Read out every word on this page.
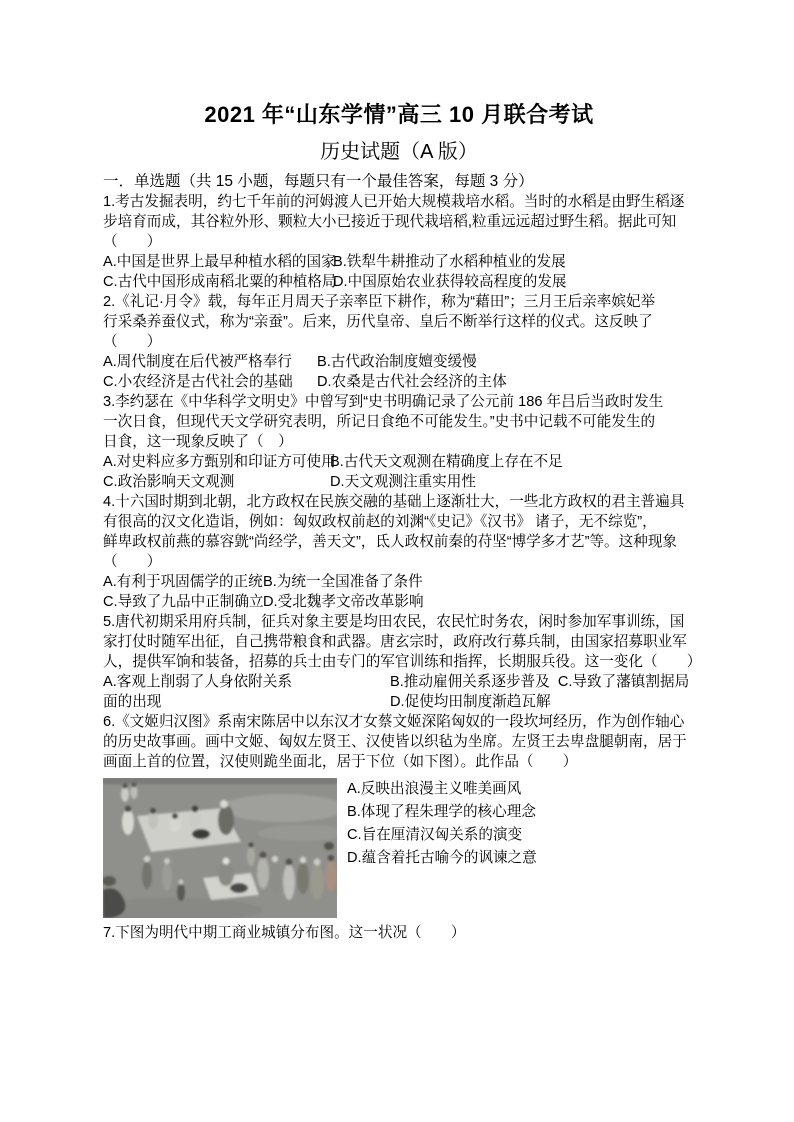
2021 年“山东学情”高三 10 月联合考试
历史试题（A 版）
一．单选题（共 15 小题，每题只有一个最佳答案，每题 3 分）
1.考古发掘表明，约七千年前的河姆渡人已开始大规模栽培水稻。当时的水稻是由野生稻逐
步培育而成，其谷粒外形、颗粒大小已接近于现代栽培稻,粒重远远超过野生稻。据此可知
（　　）
A.中国是世界上最早种植水稻的国家
B.铁犁牛耕推动了水稻种植业的发展
C.古代中国形成南稻北粟的种植格局
D.中国原始农业获得较高程度的发展
2.《礼记·月令》载，每年正月周天子亲率臣下耕作，称为“藉田”；三月王后亲率嫔妃举
行采桑养蚕仪式，称为“亲蚕”。后来，历代皇帝、皇后不断举行这样的仪式。这反映了
（　　）
A.周代制度在后代被严格奉行	B.古代政治制度嬗变缓慢
C.小农经济是古代社会的基础	D.农桑是古代社会经济的主体
3.李约瑟在《中华科学文明史》中曾写到“史书明确记录了公元前 186 年吕后当政时发生
一次日食，但现代天文学研究表明，所记日食绝不可能发生。”史书中记载不可能发生的
日食，这一现象反映了（　）
A.对史料应多方甄别和印证方可使用
B.古代天文观测在精确度上存在不足
C.政治影响天文观测	D.天文观测注重实用性
4.十六国时期到北朝，北方政权在民族交融的基础上逐渐壮大，一些北方政权的君主普遍具
有很高的汉文化造诣，例如：匈奴政权前赵的刘渊“《史记》《汉书》 诸子，无不综览”，
鲜卑政权前燕的慕容皝“尚经学，善天文”，氐人政权前秦的苻坚“博学多才艺”等。这种现象
（　　）
A.有利于巩固儒学的正统 B.为统一全国准备了条件
C.导致了九品中正制确立 D.受北魏孝文帝改革影响
5.唐代初期采用府兵制，征兵对象主要是均田农民，农民忙时务农，闲时参加军事训练，国
家打仗时随军出征，自己携带粮食和武器。唐玄宗时，政府改行募兵制，由国家招募职业军
人，提供军饷和装备，招募的兵士由专门的军官训练和指挥，长期服兵役。这一变化（　　）
A.客观上削弱了人身依附关系	B.推动雇佣关系逐步普及  C.导致了藩镇割据局
面的出现	D.促使均田制度渐趋瓦解
6.《文姬归汉图》系南宋陈居中以东汉才女蔡文姬深陷匈奴的一段坎坷经历，作为创作轴心
的历史故事画。画中文姬、匈奴左贤王、汉使皆以织毡为坐席。左贤王去卑盘腿朝南，居于
画面上首的位置，汉使则跪坐面北，居于下位（如下图）。此作品（　　）
A.反映出浪漫主义唯美画风
B.体现了程朱理学的核心理念
C.旨在厘清汉匈关系的演变
D.蕴含着托古喻今的讽谏之意
7.下图为明代中期工商业城镇分布图。这一状况（　　）
